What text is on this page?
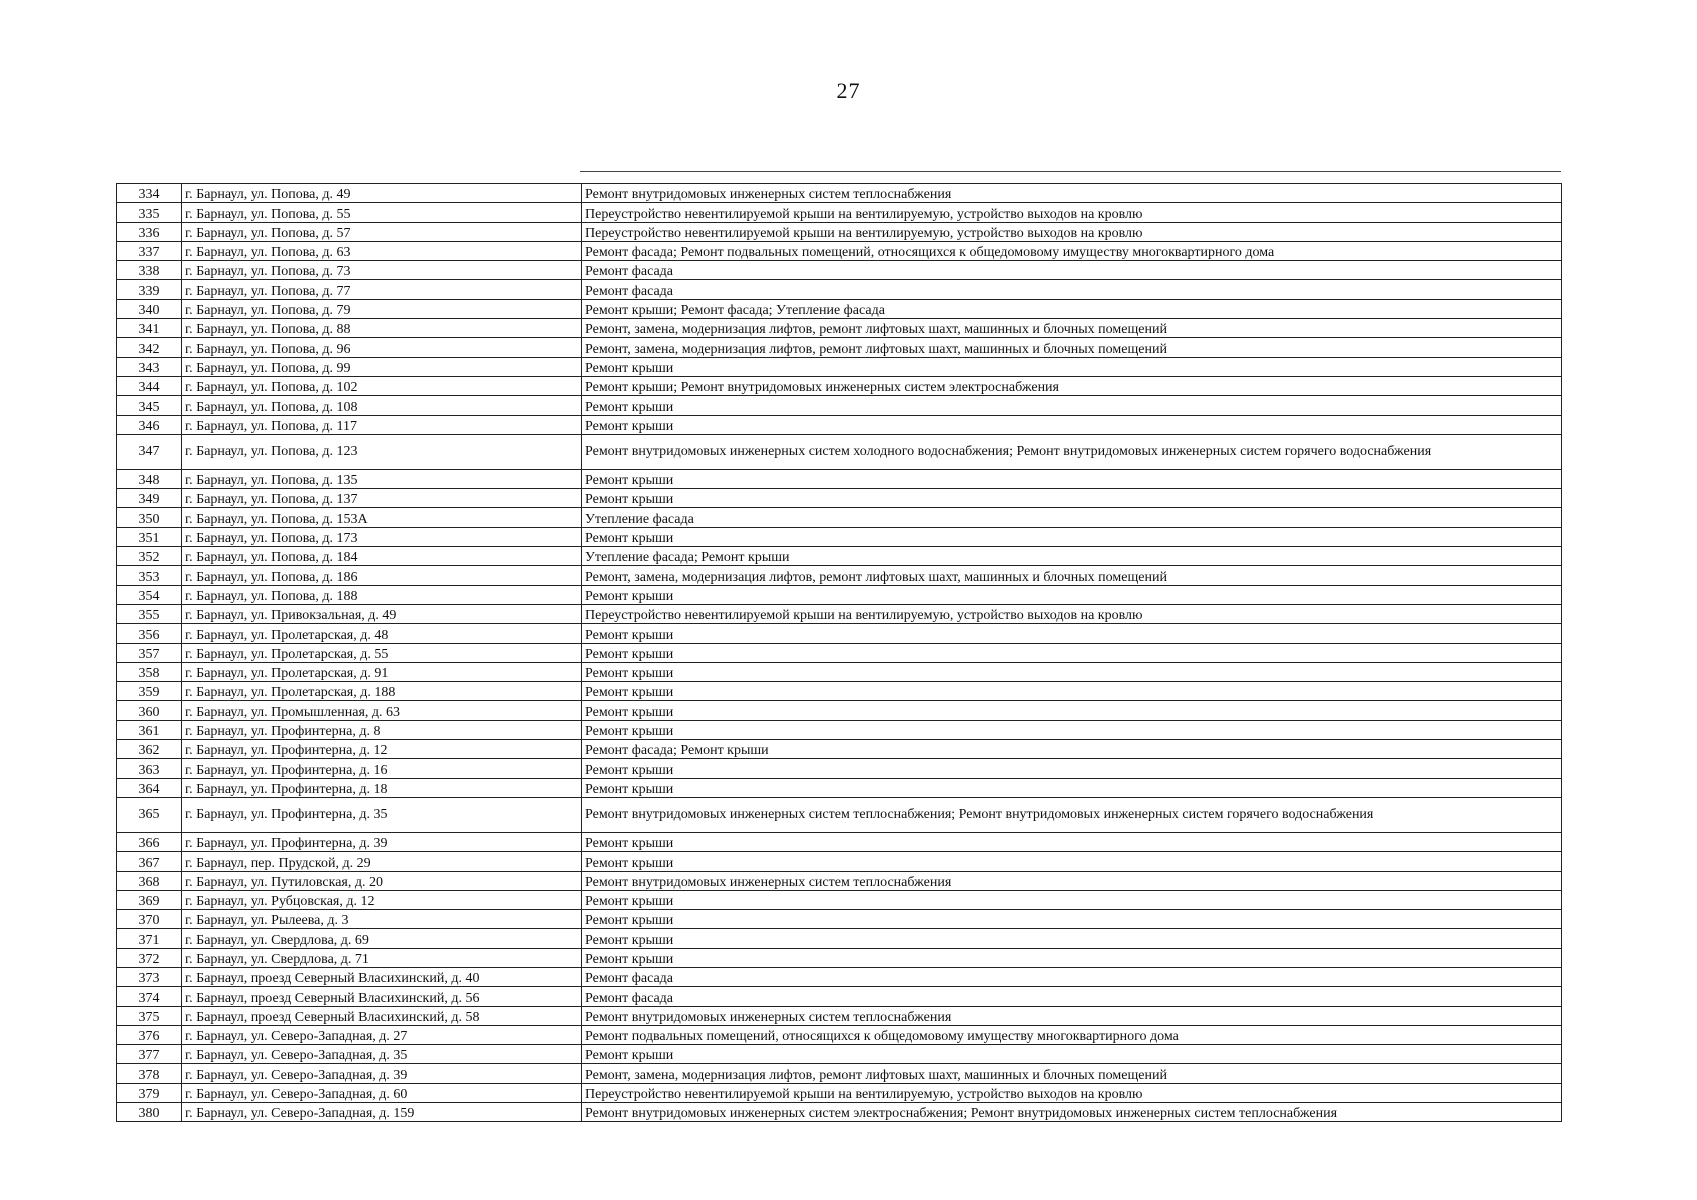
27
334	г. Барнаул, ул. Попова, д. 49	Ремонт внутридомовых инженерных систем теплоснабжения
335	г. Барнаул, ул. Попова, д. 55	Переустройство невентилируемой крыши на вентилируемую, устройство выходов на кровлю
336	г. Барнаул, ул. Попова, д. 57	Переустройство невентилируемой крыши на вентилируемую, устройство выходов на кровлю
337	г. Барнаул, ул. Попова, д. 63	Ремонт фасада; Ремонт подвальных помещений, относящихся к общедомовому имуществу многоквартирного дома
338	г. Барнаул, ул. Попова, д. 73	Ремонт фасада
339	г. Барнаул, ул. Попова, д. 77	Ремонт фасада
340	г. Барнаул, ул. Попова, д. 79	Ремонт крыши; Ремонт фасада; Утепление фасада
341	г. Барнаул, ул. Попова, д. 88	Ремонт, замена, модернизация лифтов, ремонт лифтовых шахт, машинных и блочных помещений
342	г. Барнаул, ул. Попова, д. 96	Ремонт, замена, модернизация лифтов, ремонт лифтовых шахт, машинных и блочных помещений
343	г. Барнаул, ул. Попова, д. 99	Ремонт крыши
344	г. Барнаул, ул. Попова, д. 102	Ремонт крыши; Ремонт внутридомовых инженерных систем электроснабжения
345	г. Барнаул, ул. Попова, д. 108	Ремонт крыши
346	г. Барнаул, ул. Попова, д. 117	Ремонт крыши
347	г. Барнаул, ул. Попова, д. 123	Ремонт внутридомовых инженерных систем холодного водоснабжения; Ремонт внутридомовых инженерных систем горячего водоснабжения
348	г. Барнаул, ул. Попова, д. 135	Ремонт крыши
349	г. Барнаул, ул. Попова, д. 137	Ремонт крыши
350	г. Барнаул, ул. Попова, д. 153А	Утепление фасада
351	г. Барнаул, ул. Попова, д. 173	Ремонт крыши
352	г. Барнаул, ул. Попова, д. 184	Утепление фасада; Ремонт крыши
353	г. Барнаул, ул. Попова, д. 186	Ремонт, замена, модернизация лифтов, ремонт лифтовых шахт, машинных и блочных помещений
354	г. Барнаул, ул. Попова, д. 188	Ремонт крыши
355	г. Барнаул, ул. Привокзальная, д. 49	Переустройство невентилируемой крыши на вентилируемую, устройство выходов на кровлю
356	г. Барнаул, ул. Пролетарская, д. 48	Ремонт крыши
357	г. Барнаул, ул. Пролетарская, д. 55	Ремонт крыши
358	г. Барнаул, ул. Пролетарская, д. 91	Ремонт крыши
359	г. Барнаул, ул. Пролетарская, д. 188	Ремонт крыши
360	г. Барнаул, ул. Промышленная, д. 63	Ремонт крыши
361	г. Барнаул, ул. Профинтерна, д. 8	Ремонт крыши
362	г. Барнаул, ул. Профинтерна, д. 12	Ремонт фасада; Ремонт крыши
363	г. Барнаул, ул. Профинтерна, д. 16	Ремонт крыши
364	г. Барнаул, ул. Профинтерна, д. 18	Ремонт крыши
365	г. Барнаул, ул. Профинтерна, д. 35	Ремонт внутридомовых инженерных систем теплоснабжения; Ремонт внутридомовых инженерных систем горячего водоснабжения
366	г. Барнаул, ул. Профинтерна, д. 39	Ремонт крыши
367	г. Барнаул, пер. Прудской, д. 29	Ремонт крыши
368	г. Барнаул, ул. Путиловская, д. 20	Ремонт внутридомовых инженерных систем теплоснабжения
369	г. Барнаул, ул. Рубцовская, д. 12	Ремонт крыши
370	г. Барнаул, ул. Рылеева, д. 3	Ремонт крыши
371	г. Барнаул, ул. Свердлова, д. 69	Ремонт крыши
372	г. Барнаул, ул. Свердлова, д. 71	Ремонт крыши
373	г. Барнаул, проезд Северный Власихинский, д. 40	Ремонт фасада
374	г. Барнаул, проезд Северный Власихинский, д. 56	Ремонт фасада
375	г. Барнаул, проезд Северный Власихинский, д. 58	Ремонт внутридомовых инженерных систем теплоснабжения
376	г. Барнаул, ул. Северо-Западная, д. 27	Ремонт подвальных помещений, относящихся к общедомовому имуществу многоквартирного дома
377	г. Барнаул, ул. Северо-Западная, д. 35	Ремонт крыши
378	г. Барнаул, ул. Северо-Западная, д. 39	Ремонт, замена, модернизация лифтов, ремонт лифтовых шахт, машинных и блочных помещений
379	г. Барнаул, ул. Северо-Западная, д. 60	Переустройство невентилируемой крыши на вентилируемую, устройство выходов на кровлю
380	г. Барнаул, ул. Северо-Западная, д. 159	Ремонт внутридомовых инженерных систем электроснабжения; Ремонт внутридомовых инженерных систем теплоснабжения
